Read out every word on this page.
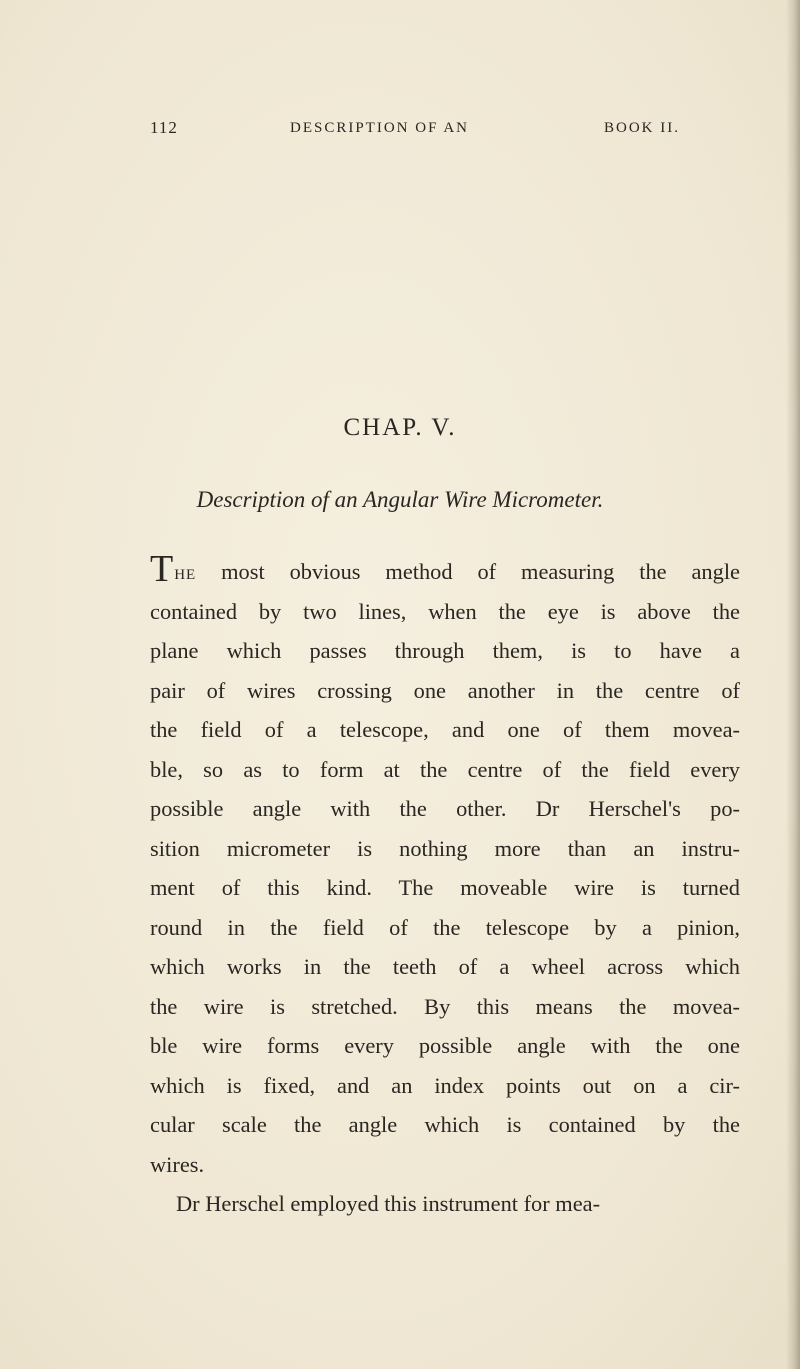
112	DESCRIPTION OF AN	BOOK II.
CHAP. V.
Description of an Angular Wire Micrometer.
THE most obvious method of measuring the angle
contained by two lines, when the eye is above the
plane which passes through them, is to have a
pair of wires crossing one another in the centre of
the field of a telescope, and one of them movea-
ble, so as to form at the centre of the field every
possible angle with the other. Dr Herschel's po-
sition micrometer is nothing more than an instru-
ment of this kind. The moveable wire is turned
round in the field of the telescope by a pinion,
which works in the teeth of a wheel across which
the wire is stretched. By this means the movea-
ble wire forms every possible angle with the one
which is fixed, and an index points out on a cir-
cular scale the angle which is contained by the
wires.
Dr Herschel employed this instrument for mea-
